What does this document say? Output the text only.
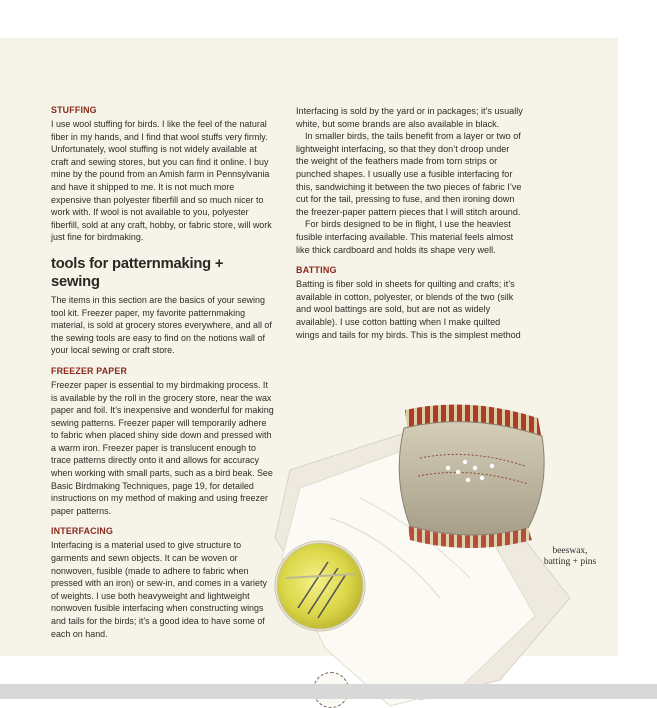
STUFFING

I use wool stuffing for birds. I like the feel of the natural fiber in my hands, and I find that wool stuffs very firmly. Unfortunately, wool stuffing is not widely available at craft and sewing stores, but you can find it online. I buy mine by the pound from an Amish farm in Pennsylvania and have it shipped to me. It is not much more expensive than polyester fiberfill and so much nicer to work with. If wool is not available to you, polyester fiberfill, sold at any craft, hobby, or fabric store, will work just fine for birdmaking.

tools for patternmaking + sewing

The items in this section are the basics of your sewing tool kit. Freezer paper, my favorite patternmaking material, is sold at grocery stores everywhere, and all of the sewing tools are easy to find on the notions wall of your local sewing or craft store.

FREEZER PAPER

Freezer paper is essential to my birdmaking process. It is available by the roll in the grocery store, near the wax paper and foil. It’s inexpensive and wonderful for making sewing patterns. Freezer paper will temporarily adhere to fabric when placed shiny side down and pressed with a warm iron. Freezer paper is translucent enough to trace patterns directly onto it and allows for accuracy when working with small parts, such as a bird beak. See Basic Birdmaking Techniques, page 19, for detailed instructions on my method of making and using freezer paper patterns.

INTERFACING

Interfacing is a material used to give structure to garments and sewn objects. It can be woven or nonwoven, fusible (made to adhere to fabric when pressed with an iron) or sew-in, and comes in a variety of weights. I use both heavyweight and lightweight nonwoven fusible interfacing when constructing wings and tails for the birds; it’s a good idea to have some of each on hand.

Interfacing is sold by the yard or in packages; it’s usually white, but some brands are also available in black.

In smaller birds, the tails benefit from a layer or two of lightweight interfacing, so that they don’t droop under the weight of the feathers made from torn strips or punched shapes. I usually use a fusible interfacing for this, sandwiching it between the two pieces of fabric I’ve cut for the tail, pressing to fuse, and then ironing down the freezer-paper pattern pieces that I will stitch around.

For birds designed to be in flight, I use the heaviest fusible interfacing available. This material feels almost like thick cardboard and holds its shape very well.

BATTING

Batting is fiber sold in sheets for quilting and crafts; it’s available in cotton, polyester, or blends of the two (silk and wool battings are sold, but are not as widely available). I use cotton batting when I make quilted wings and tails for my birds. This is the simplest method

beeswax, batting + pins
